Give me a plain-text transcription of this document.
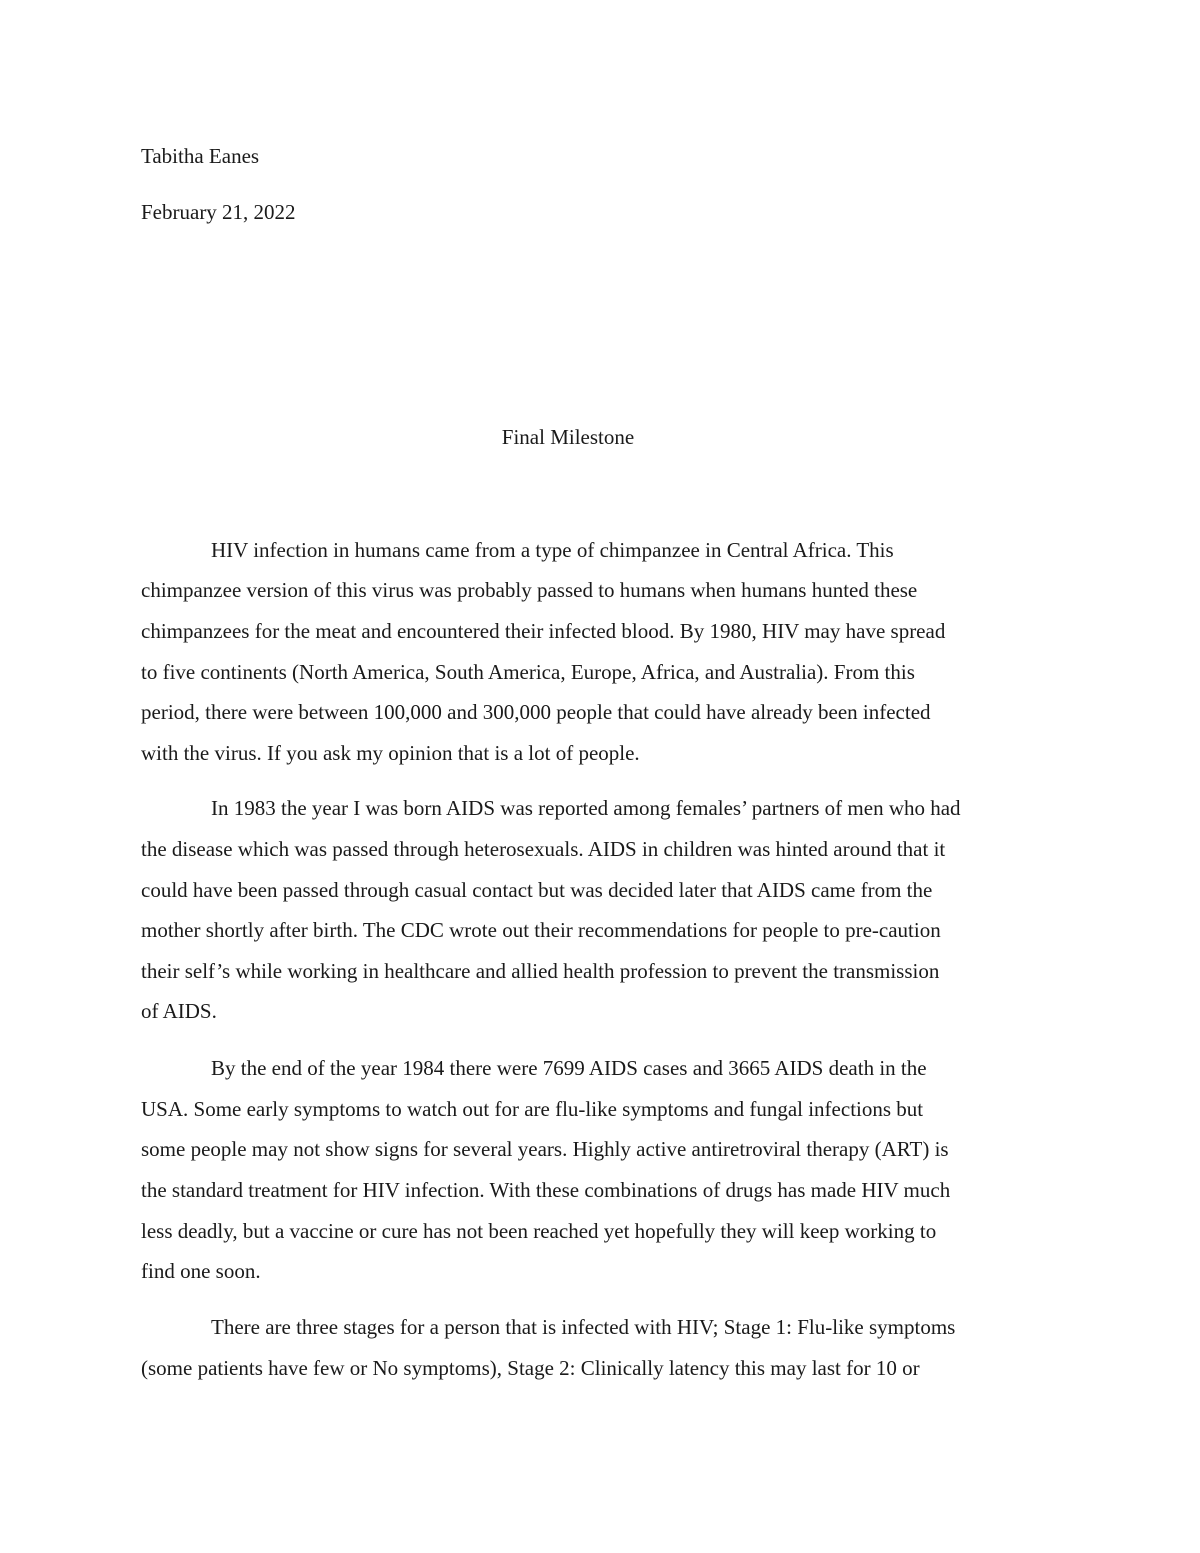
Tabitha Eanes
February 21, 2022
Final Milestone
HIV infection in humans came from a type of chimpanzee in Central Africa. This
chimpanzee version of this virus was probably passed to humans when humans hunted these
chimpanzees for the meat and encountered their infected blood. By 1980, HIV may have spread
to five continents (North America, South America, Europe, Africa, and Australia). From this
period, there were between 100,000 and 300,000 people that could have already been infected
with the virus. If you ask my opinion that is a lot of people.
In 1983 the year I was born AIDS was reported among females’ partners of men who had
the disease which was passed through heterosexuals. AIDS in children was hinted around that it
could have been passed through casual contact but was decided later that AIDS came from the
mother shortly after birth. The CDC wrote out their recommendations for people to pre-caution
their self’s while working in healthcare and allied health profession to prevent the transmission
of AIDS.
By the end of the year 1984 there were 7699 AIDS cases and 3665 AIDS death in the
USA. Some early symptoms to watch out for are flu-like symptoms and fungal infections but
some people may not show signs for several years. Highly active antiretroviral therapy (ART) is
the standard treatment for HIV infection. With these combinations of drugs has made HIV much
less deadly, but a vaccine or cure has not been reached yet hopefully they will keep working to
find one soon.
There are three stages for a person that is infected with HIV; Stage 1: Flu-like symptoms
(some patients have few or No symptoms), Stage 2: Clinically latency this may last for 10 or
